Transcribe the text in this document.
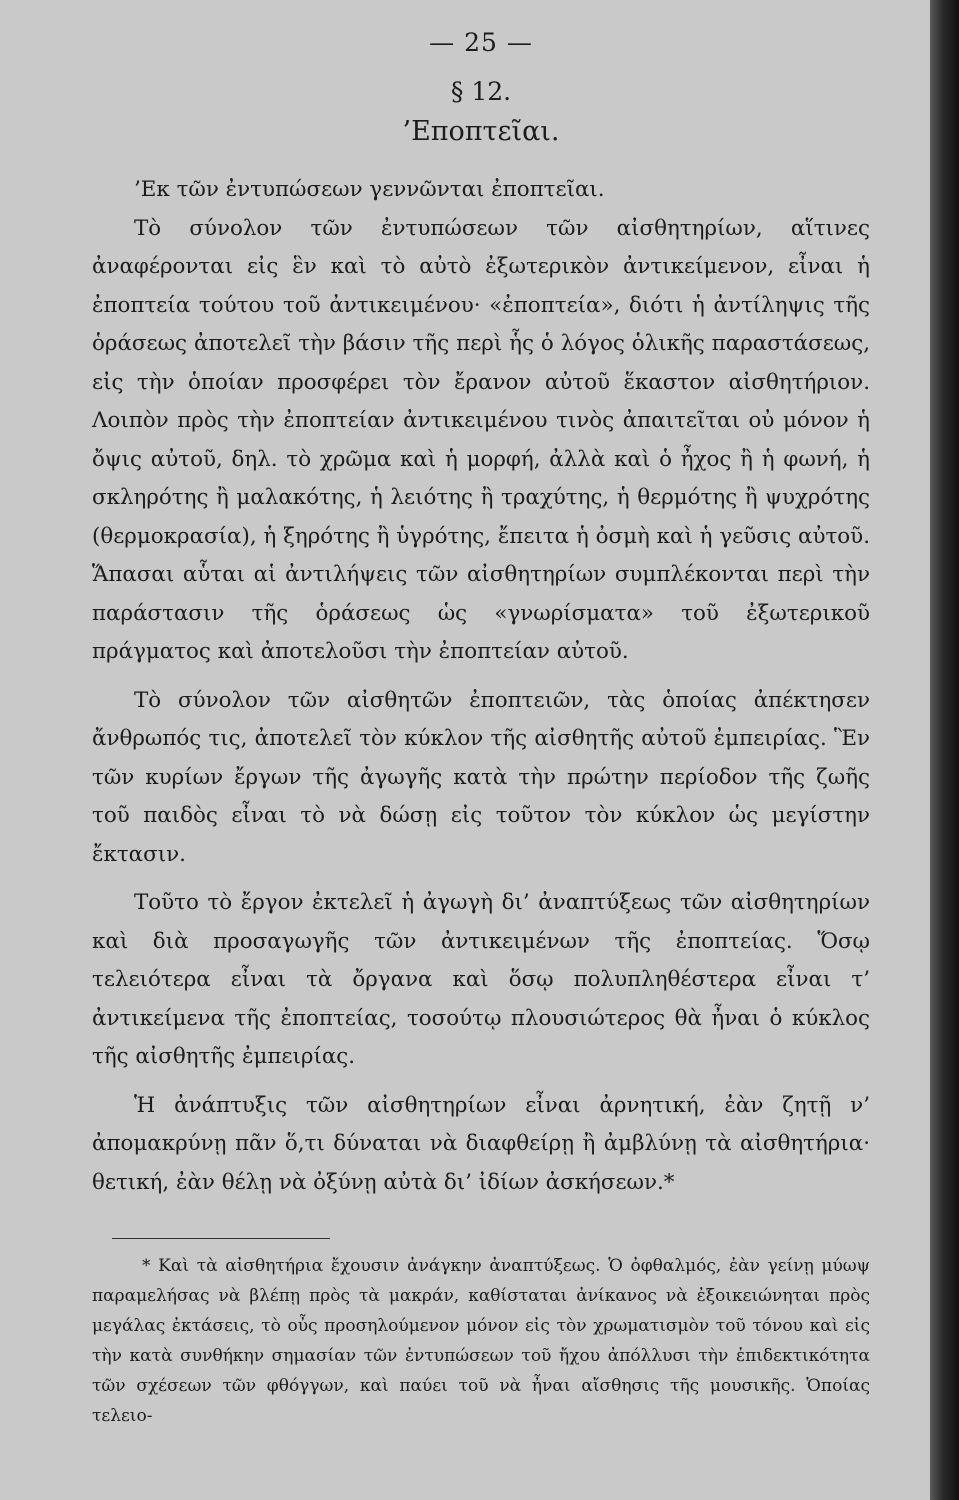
— 25 —
§ 12.
’Εποπτεῖαι.

’Εκ τῶν ἐντυπώσεων γεννῶνται ἐποπτεῖαι.

Τὸ σύνολον τῶν ἐντυπώσεων τῶν αἰσθητηρίων, αἵτινες ἀναφέρονται εἰς ἓν καὶ τὸ αὐτὸ ἐξωτερικὸν ἀντικείμενον, εἶναι ἡ ἐποπτεία τούτου τοῦ ἀντικειμένου· «ἐποπτεία», διότι ἡ ἀντίληψις τῆς ὁράσεως ἀποτελεῖ τὴν βάσιν τῆς περὶ ἧς ὁ λόγος ὁλικῆς παραστάσεως, εἰς τὴν ὁποίαν προσφέρει τὸν ἔρανον αὐτοῦ ἕκαστον αἰσθητήριον. Λοιπὸν πρὸς τὴν ἐποπτείαν ἀντικειμένου τινὸς ἀπαιτεῖται οὐ μόνον ἡ ὄψις αὐτοῦ, δηλ. τὸ χρῶμα καὶ ἡ μορφή, ἀλλὰ καὶ ὁ ἦχος ἢ ἡ φωνή, ἡ σκληρότης ἢ μαλακότης, ἡ λειότης ἢ τραχύτης, ἡ θερμότης ἢ ψυχρότης (θερμοκρασία), ἡ ξηρότης ἢ ὑγρότης, ἔπειτα ἡ ὀσμὴ καὶ ἡ γεῦσις αὐτοῦ. Ἅπασαι αὗται αἱ ἀντιλήψεις τῶν αἰσθητηρίων συμπλέκονται περὶ τὴν παράστασιν τῆς ὁράσεως ὡς «γνωρίσματα» τοῦ ἐξωτερικοῦ πράγματος καὶ ἀποτελοῦσι τὴν ἐποπτείαν αὐτοῦ.

Τὸ σύνολον τῶν αἰσθητῶν ἐποπτειῶν, τὰς ὁποίας ἀπέκτησεν ἄνθρωπός τις, ἀποτελεῖ τὸν κύκλον τῆς αἰσθητῆς αὐτοῦ ἐμπειρίας. Ἓν τῶν κυρίων ἔργων τῆς ἀγωγῆς κατὰ τὴν πρώτην περίοδον τῆς ζωῆς τοῦ παιδὸς εἶναι τὸ νὰ δώσῃ εἰς τοῦτον τὸν κύκλον ὡς μεγίστην ἔκτασιν.

Τοῦτο τὸ ἔργον ἐκτελεῖ ἡ ἀγωγὴ δι’ ἀναπτύξεως τῶν αἰσθητηρίων καὶ διὰ προσαγωγῆς τῶν ἀντικειμένων τῆς ἐποπτείας. Ὅσῳ τελειότερα εἶναι τὰ ὄργανα καὶ ὅσῳ πολυπληθέστερα εἶναι τ’ ἀντικείμενα τῆς ἐποπτείας, τοσούτῳ πλουσιώτερος θὰ ἦναι ὁ κύκλος τῆς αἰσθητῆς ἐμπειρίας.

Ἡ ἀνάπτυξις τῶν αἰσθητηρίων εἶναι ἀρνητική, ἐὰν ζητῇ ν’ ἀπομακρύνῃ πᾶν ὅ,τι δύναται νὰ διαφθείρῃ ἢ ἀμβλύνῃ τὰ αἰσθητήρια· θετική, ἐὰν θέλῃ νὰ ὀξύνῃ αὐτὰ δι’ ἰδίων ἀσκήσεων.*

* Καὶ τὰ αἰσθητήρια ἔχουσιν ἀνάγκην ἀναπτύξεως. Ὁ ὀφθαλμός, ἐὰν γείνῃ μύωψ παραμελήσας νὰ βλέπῃ πρὸς τὰ μακράν, καθίσταται ἀνίκανος νὰ ἐξοικειώνηται πρὸς μεγάλας ἐκτάσεις, τὸ οὖς προσηλούμενον μόνον εἰς τὸν χρωματισμὸν τοῦ τόνου καὶ εἰς τὴν κατὰ συνθήκην σημασίαν τῶν ἐντυπώσεων τοῦ ἤχου ἀπόλλυσι τὴν ἐπιδεκτικότητα τῶν σχέσεων τῶν φθόγγων, καὶ παύει τοῦ νὰ ἦναι αἴσθησις τῆς μουσικῆς. Ὁποίας τελειο-
